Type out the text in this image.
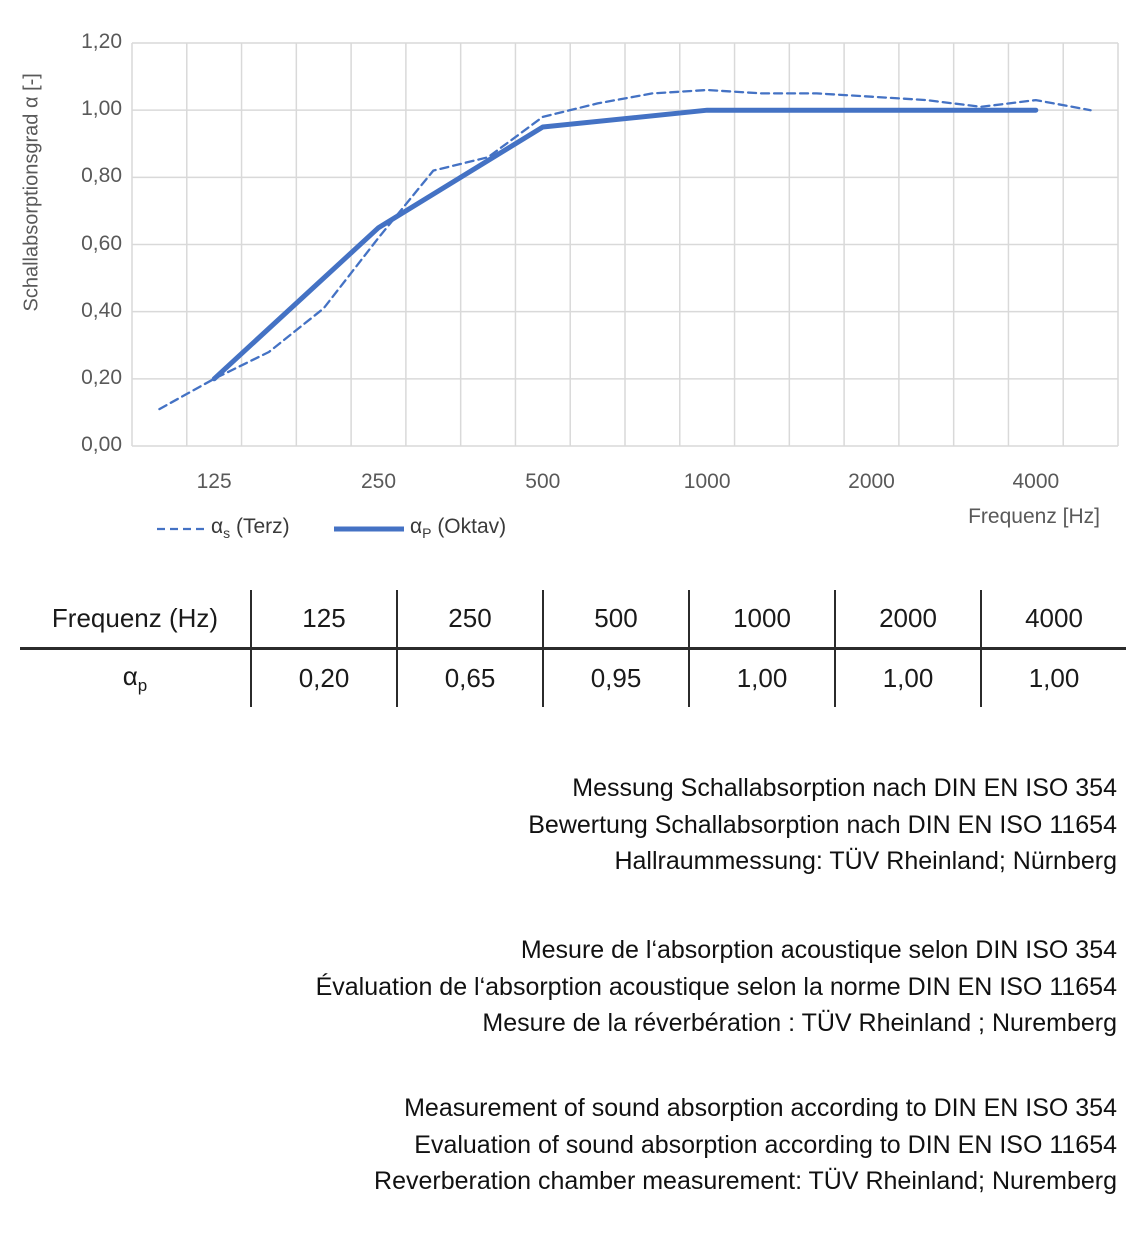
Schallabsorptionsgrad α [-]
1,20
1,00
0,80
0,60
0,40
0,20
0,00
125	250	500	1000	2000	4000
Frequenz [Hz]
$\alpha_s$ (Terz)	$\alpha_P$ (Oktav)
Frequenz (Hz)	125	250	500	1000	2000	4000
$\alpha_p$	0,20	0,65	0,95	1,00	1,00	1,00
Messung Schallabsorption nach DIN EN ISO 354
Bewertung Schallabsorption nach DIN EN ISO 11654
Hallraummessung: TÜV Rheinland; Nürnberg
Mesure de l‘absorption acoustique selon DIN ISO 354
Évaluation de l‘absorption acoustique selon la norme DIN EN ISO 11654
Mesure de la réverbération : TÜV Rheinland ; Nuremberg
Measurement of sound absorption according to DIN EN ISO 354
Evaluation of sound absorption according to DIN EN ISO 11654
Reverberation chamber measurement: TÜV Rheinland; Nuremberg
